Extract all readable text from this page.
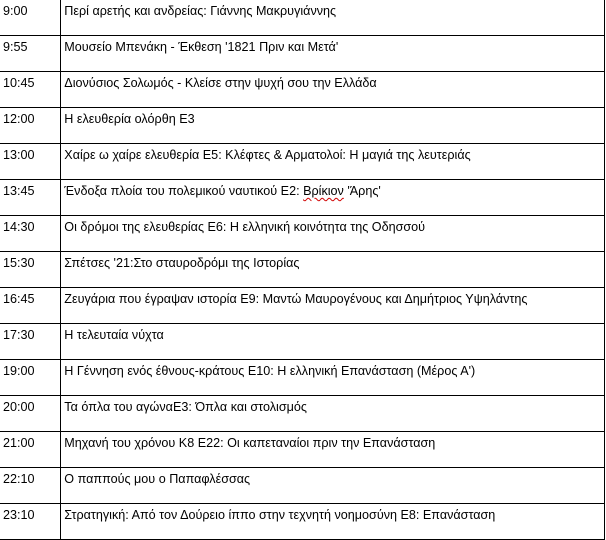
9:00	Περί αρετής και ανδρείας: Γιάννης Μακρυγιάννης
9:55	Μουσείο Μπενάκη - Έκθεση '1821 Πριν και Μετά'
10:45	Διονύσιος Σολωμός - Κλείσε στην ψυχή σου την Ελλάδα
12:00	Η ελευθερία ολόρθη Ε3
13:00	Χαίρε ω χαίρε ελευθερία Ε5: Κλέφτες & Αρματολοί: Η μαγιά της λευτεριάς
13:45	Ένδοξα πλοία του πολεμικού ναυτικού Ε2: Βρίκιον 'Άρης'
14:30	Οι δρόμοι της ελευθερίας Ε6: Η ελληνική κοινότητα της Οδησσού
15:30	Σπέτσες '21:Στο σταυροδρόμι της Ιστορίας
16:45	Ζευγάρια που έγραψαν ιστορία Ε9: Μαντώ Μαυρογένους και Δημήτριος Υψηλάντης
17:30	Η τελευταία νύχτα
19:00	Η Γέννηση ενός έθνους-κράτους Ε10: Η ελληνική Επανάσταση (Μέρος Α')
20:00	Τα όπλα του αγώναΕ3: Όπλα και στολισμός
21:00	Μηχανή του χρόνου Κ8 Ε22: Οι καπεταναίοι πριν την Επανάσταση
22:10	Ο παππούς μου ο Παπαφλέσσας
23:10	Στρατηγική: Από τον Δούρειο ίππο στην τεχνητή νοημοσύνη Ε8: Επανάσταση
